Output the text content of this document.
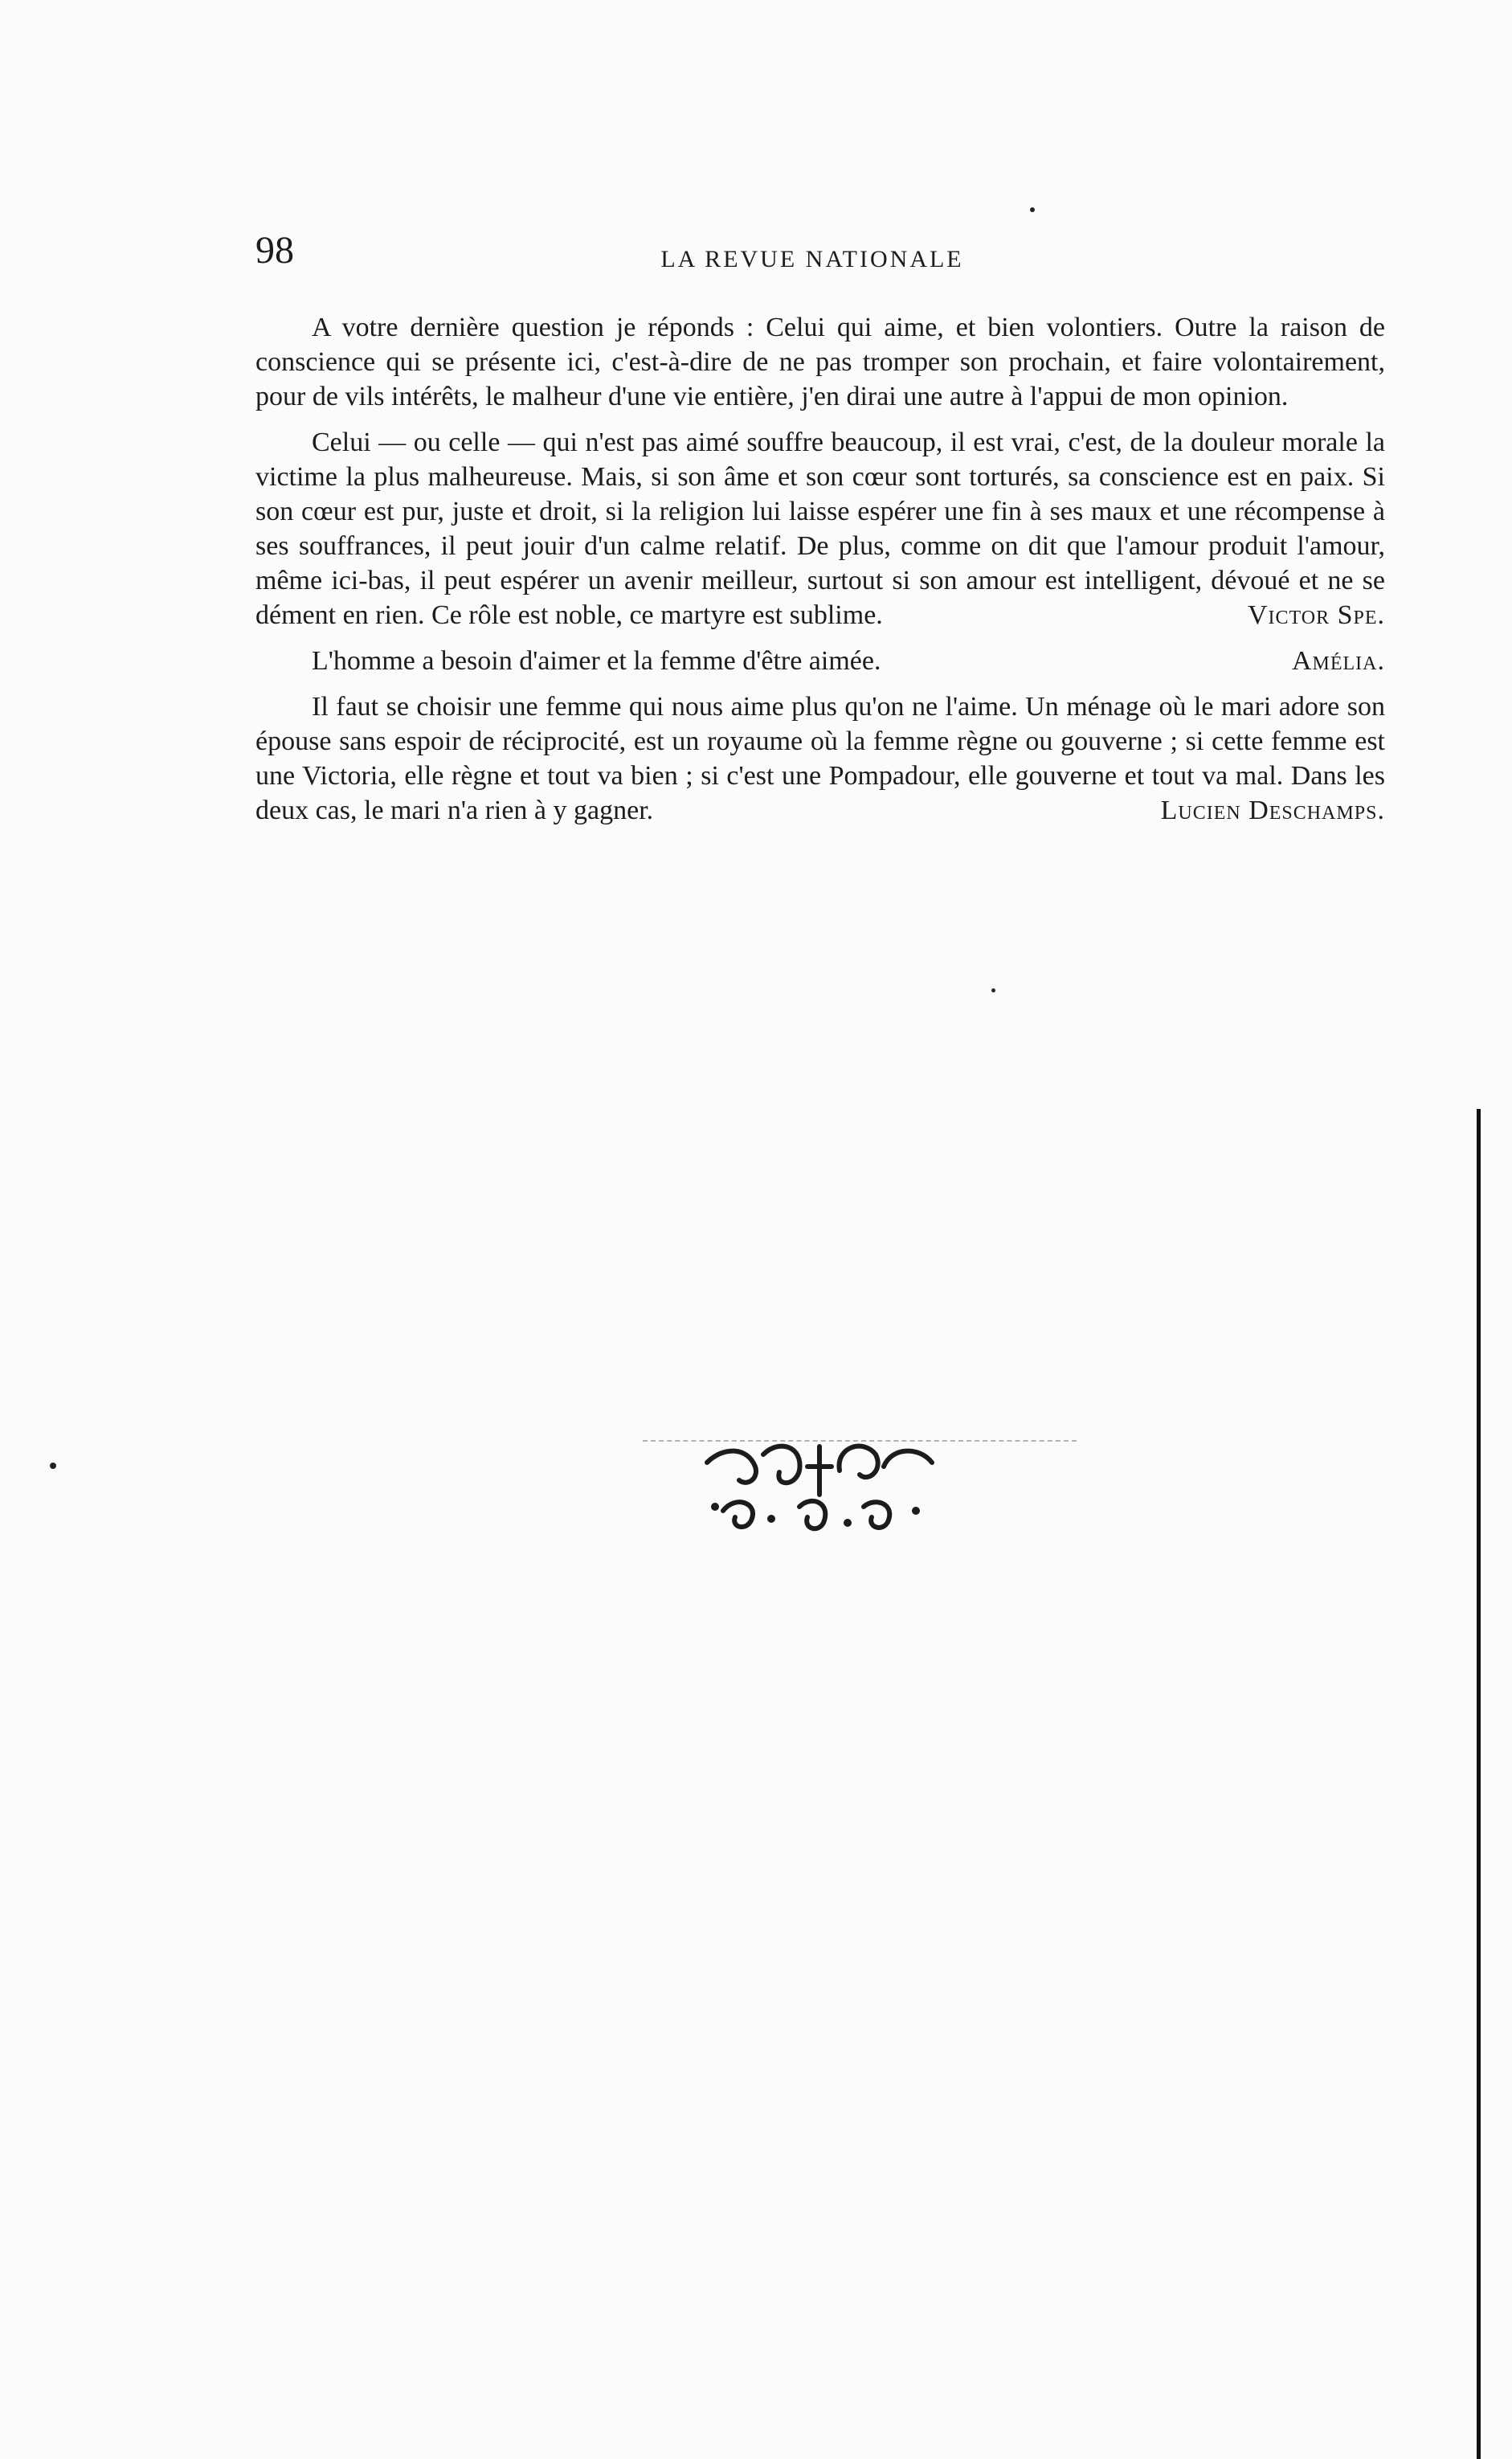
98	LA REVUE NATIONALE

A votre dernière question je réponds : Celui qui aime, et bien volontiers. Outre la raison de conscience qui se présente ici, c'est-à-dire de ne pas tromper son prochain, et faire volontairement, pour de vils intérêts, le malheur d'une vie entière, j'en dirai une autre à l'appui de mon opinion.

Celui — ou celle — qui n'est pas aimé souffre beaucoup, il est vrai, c'est, de la douleur morale la victime la plus malheureuse. Mais, si son âme et son cœur sont torturés, sa conscience est en paix. Si son cœur est pur, juste et droit, si la religion lui laisse espérer une fin à ses maux et une récompense à ses souffrances, il peut jouir d'un calme relatif. De plus, comme on dit que l'amour produit l'amour, même ici-bas, il peut espérer un avenir meilleur, surtout si son amour est intelligent, dévoué et ne se dément en rien. Ce rôle est noble, ce martyre est sublime.	Victor Spe.

L'homme a besoin d'aimer et la femme d'être aimée.	Amélia.

Il faut se choisir une femme qui nous aime plus qu'on ne l'aime. Un ménage où le mari adore son épouse sans espoir de réciprocité, est un royaume où la femme règne ou gouverne ; si cette femme est une Victoria, elle règne et tout va bien ; si c'est une Pompadour, elle gouverne et tout va mal. Dans les deux cas, le mari n'a rien à y gagner.	Lucien Deschamps.
